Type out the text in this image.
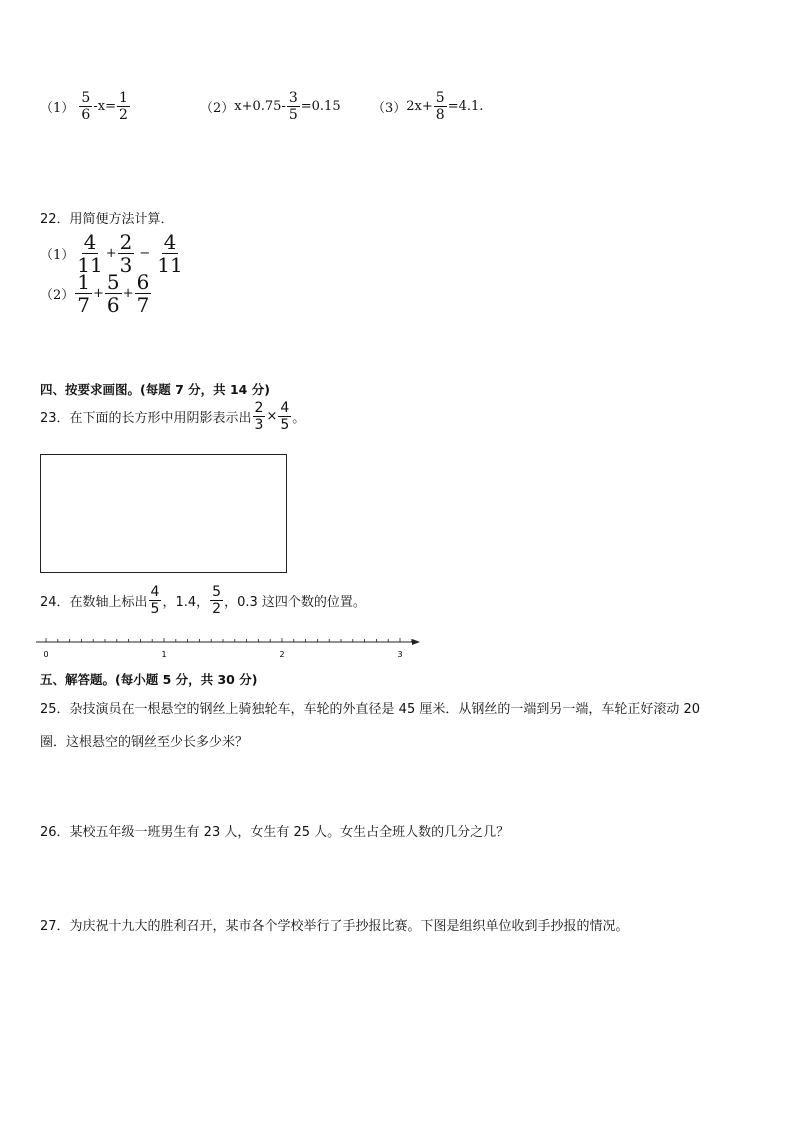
$(1) \frac{5}{6} -x= \frac{1}{2}$	$(2)x+0.75- \frac{3}{5} =0.15$ $(3)2x+ \frac{5}{8} =4.1$.
22．用简便方法计算．
$(1) \frac{4}{11} + \frac{2}{3} - \frac{4}{11}$
$(2) \frac{1}{7} + \frac{5}{6} + \frac{6}{7}$
四、按要求画图。(每题 7 分，共 14 分)
23．在下面的长方形中用阴影表示出 $\frac{2}{3} \times \frac{4}{5}$ 。
24．在数轴上标出 $\frac{4}{5}$ ，1.4， $\frac{5}{2}$ ，0.3 这四个数的位置。
0	1	2	3
五、解答题。(每小题 5 分，共 30 分)
25．杂技演员在一根悬空的钢丝上骑独轮车，车轮的外直径是 45 厘米．从钢丝的一端到另一端，车轮正好滚动 20
圈．这根悬空的钢丝至少长多少米？
26．某校五年级一班男生有 23 人，女生有 25 人。女生占全班人数的几分之几？
27．为庆祝十九大的胜利召开，某市各个学校举行了手抄报比赛。下图是组织单位收到手抄报的情况。
